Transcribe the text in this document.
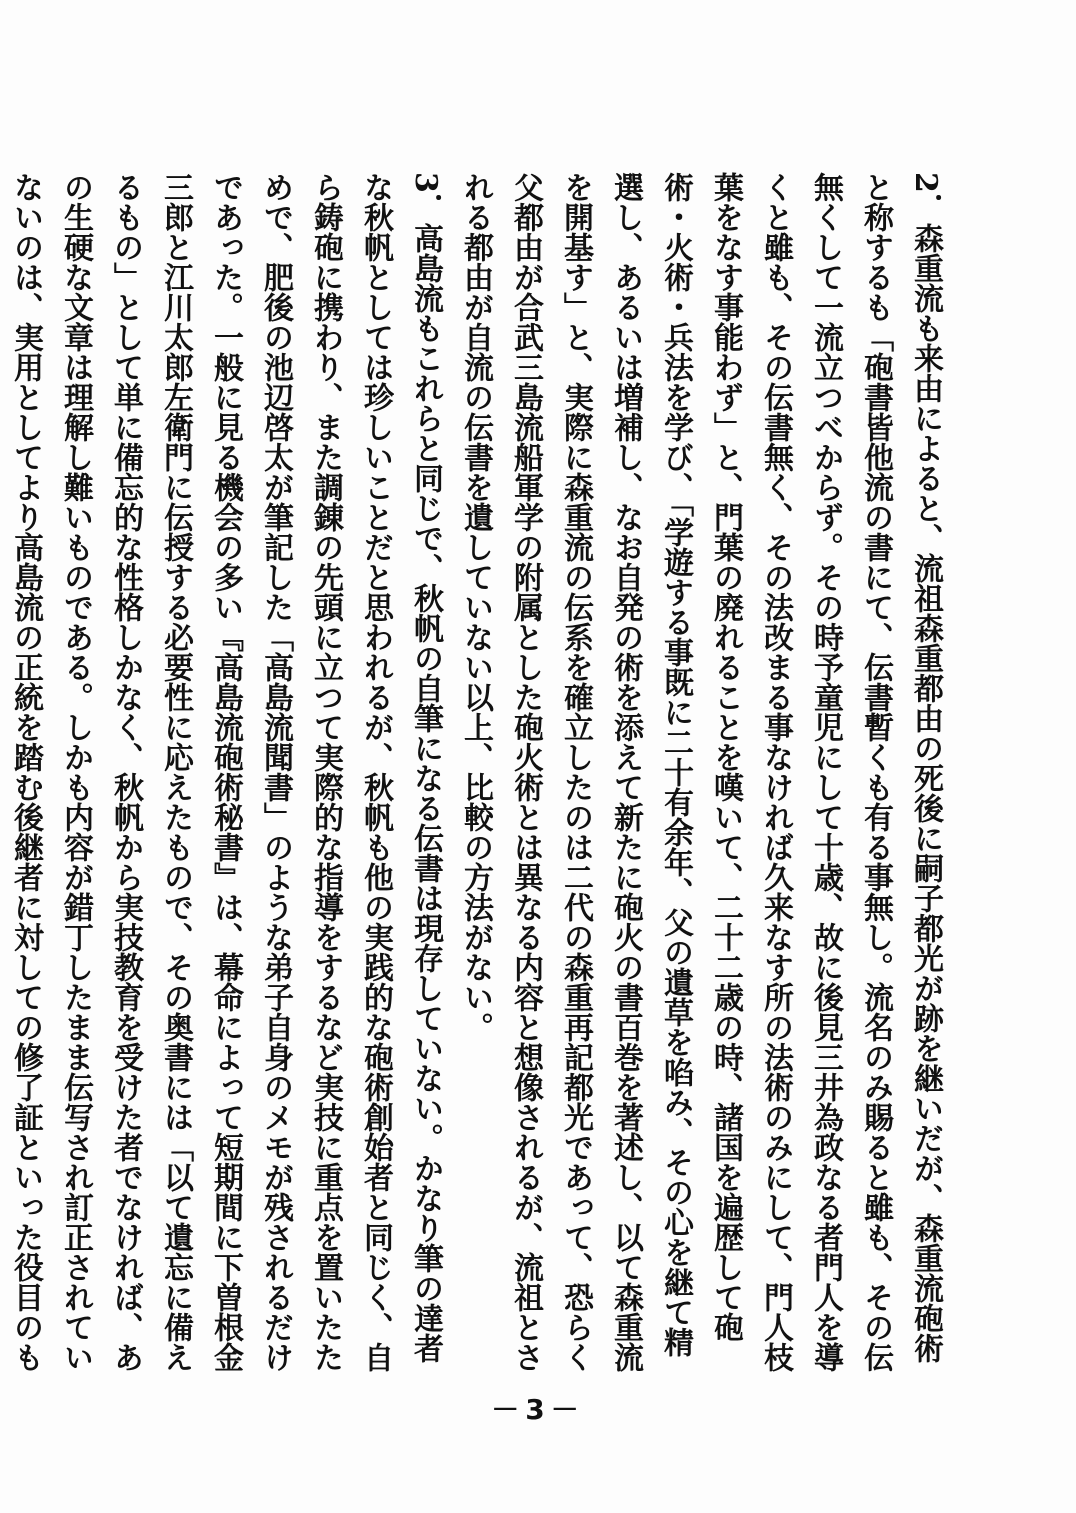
2．森重流も来由によると、流祖森重都由の死後に嗣子都光が跡を継いだが、森重流砲術と称するも「砲書皆他流の書にて、伝書暫くも有る事無し。流名のみ賜ると雖も、その伝無くして一流立つべからず。その時予童児にして十歳、故に後見三井為政なる者門人を導くと雖も、その伝書無く、その法改まる事なければ久来なす所の法術のみにして、門人枝葉をなす事能わず」と、門葉の廃れることを嘆いて、二十二歳の時、諸国を遍歴して砲術・火術・兵法を学び、「学遊する事既に二十有余年、父の遺草を啗み、その心を継て精選し、あるいは増補し、なお自発の術を添えて新たに砲火の書百巻を著述し、以て森重流を開基す」と、実際に森重流の伝系を確立したのは二代の森重再記都光であって、恐らく父都由が合武三島流船軍学の附属とした砲火術とは異なる内容と想像されるが、流祖とされる都由が自流の伝書を遺していない以上、比較の方法がない。

3．高島流もこれらと同じで、秋帆の自筆になる伝書は現存していない。かなり筆の達者な秋帆としては珍しいことだと思われるが、秋帆も他の実践的な砲術創始者と同じく、自ら鋳砲に携わり、また調錬の先頭に立つて実際的な指導をするなど実技に重点を置いたためで、肥後の池辺啓太が筆記した「高島流聞書」のような弟子自身のメモが残されるだけであった。一般に見る機会の多い『高島流砲術秘書』は、幕命によって短期間に下曽根金三郎と江川太郎左衛門に伝授する必要性に応えたもので、その奥書には「以て遺忘に備えるもの」として単に備忘的な性格しかなく、秋帆から実技教育を受けた者でなければ、あの生硬な文章は理解し難いものである。しかも内容が錯丁したまま伝写され訂正されていないのは、実用としてより高島流の正統を踏む後継者に対しての修了証といった役目のも

－3－
